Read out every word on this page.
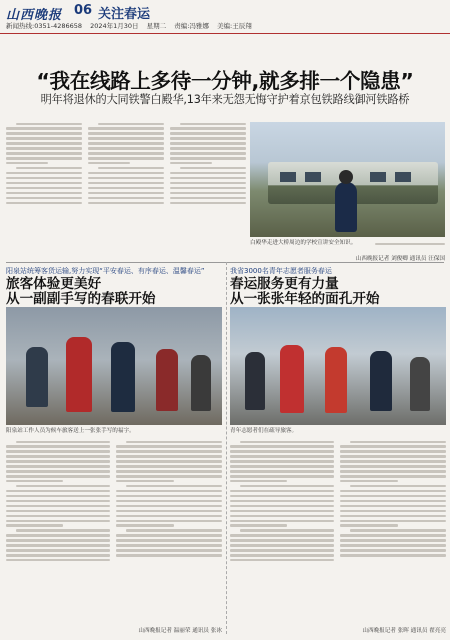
山西晚报 06 关注春运
新闻热线:0351-4286658 2024年1月30日 星期二 责编:冯雅娜 美编:王辰翔
“我在线路上多待一分钟,就多排一个隐患”
明年将退休的大同铁警白殿华,13年来无怨无悔守护着京包铁路线御河铁路桥
白殿华走进大桥周边的学校宣讲安全知识。
山西晚报记者 刘俊卿 通讯员 汪保国
阳泉站统筹客货运输,努力实现“平安春运、有序春运、温馨春运”
旅客体验更美好
从一副副手写的春联开始
阳泉站工作人员为候车旅客送上一张张手写的福字。
山西晚报记者 温丽荣 通讯员 张冰
我省3000名青年志愿者服务春运
春运服务更有力量
从一张张年轻的面孔开始
青年志愿者们在疏导旅客。
山西晚报记者 张晖 通讯员 翟亮亮
